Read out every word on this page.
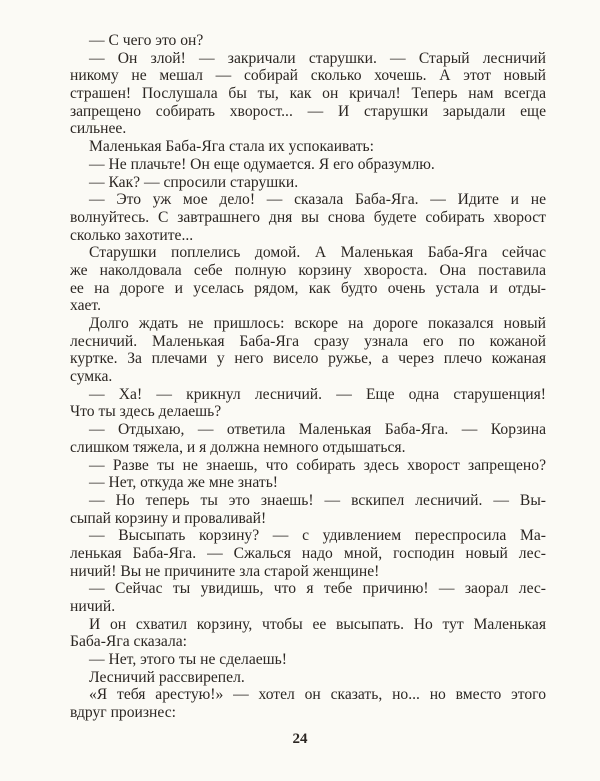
— С чего это он?
— Он злой! — закричали старушки. — Старый лесничий
никому не мешал — собирай сколько хочешь. А этот новый
страшен! Послушала бы ты, как он кричал! Теперь нам всегда
запрещено собирать хворост... — И старушки зарыдали еще
сильнее.
Маленькая Баба-Яга стала их успокаивать:
— Не плачьте! Он еще одумается. Я его образумлю.
— Как? — спросили старушки.
— Это уж мое дело! — сказала Баба-Яга. — Идите и не
волнуйтесь. С завтрашнего дня вы снова будете собирать хворост
сколько захотите...
Старушки поплелись домой. А Маленькая Баба-Яга сейчас
же наколдовала себе полную корзину хвороста. Она поставила
ее на дороге и уселась рядом, как будто очень устала и отды-
хает.
Долго ждать не пришлось: вскоре на дороге показался новый
лесничий. Маленькая Баба-Яга сразу узнала его по кожаной
куртке. За плечами у него висело ружье, а через плечо кожаная
сумка.
— Ха! — крикнул лесничий. — Еще одна старушенция!
Что ты здесь делаешь?
— Отдыхаю, — ответила Маленькая Баба-Яга. — Корзина
слишком тяжела, и я должна немного отдышаться.
— Разве ты не знаешь, что собирать здесь хворост запрещено?
— Нет, откуда же мне знать!
— Но теперь ты это знаешь! — вскипел лесничий. — Вы-
сыпай корзину и проваливай!
— Высыпать корзину? — с удивлением переспросила Ма-
ленькая Баба-Яга. — Сжалься надо мной, господин новый лес-
ничий! Вы не причините зла старой женщине!
— Сейчас ты увидишь, что я тебе причиню! — заорал лес-
ничий.
И он схватил корзину, чтобы ее высыпать. Но тут Маленькая
Баба-Яга сказала:
— Нет, этого ты не сделаешь!
Лесничий рассвирепел.
«Я тебя арестую!» — хотел он сказать, но... но вместо этого
вдруг произнес:
24
